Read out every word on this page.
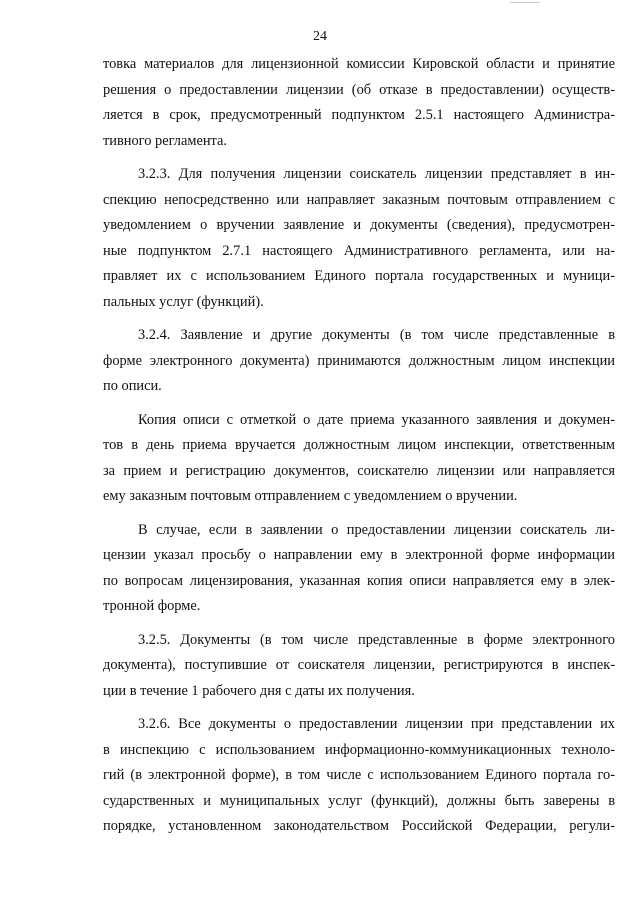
24
товка материалов для лицензионной комиссии Кировской области и принятие
решения о предоставлении лицензии (об отказе в предоставлении) осуществ-
ляется в срок, предусмотренный подпунктом 2.5.1 настоящего Администра-
тивного регламента.
3.2.3. Для получения лицензии соискатель лицензии представляет в ин-
спекцию непосредственно или направляет заказным почтовым отправлением с
уведомлением о вручении заявление и документы (сведения), предусмотрен-
ные подпунктом 2.7.1 настоящего Административного регламента, или на-
правляет их с использованием Единого портала государственных и муници-
пальных услуг (функций).
3.2.4. Заявление и другие документы (в том числе представленные в
форме электронного документа) принимаются должностным лицом инспекции
по описи.
Копия описи с отметкой о дате приема указанного заявления и докумен-
тов в день приема вручается должностным лицом инспекции, ответственным
за прием и регистрацию документов, соискателю лицензии или направляется
ему заказным почтовым отправлением с уведомлением о вручении.
В случае, если в заявлении о предоставлении лицензии соискатель ли-
цензии указал просьбу о направлении ему в электронной форме информации
по вопросам лицензирования, указанная копия описи направляется ему в элек-
тронной форме.
3.2.5. Документы (в том числе представленные в форме электронного
документа), поступившие от соискателя лицензии, регистрируются в инспек-
ции в течение 1 рабочего дня с даты их получения.
3.2.6. Все документы о предоставлении лицензии при представлении их
в инспекцию с использованием информационно-коммуникационных техноло-
гий (в электронной форме), в том числе с использованием Единого портала го-
сударственных и муниципальных услуг (функций), должны быть заверены в
порядке, установленном законодательством Российской Федерации, регули-
